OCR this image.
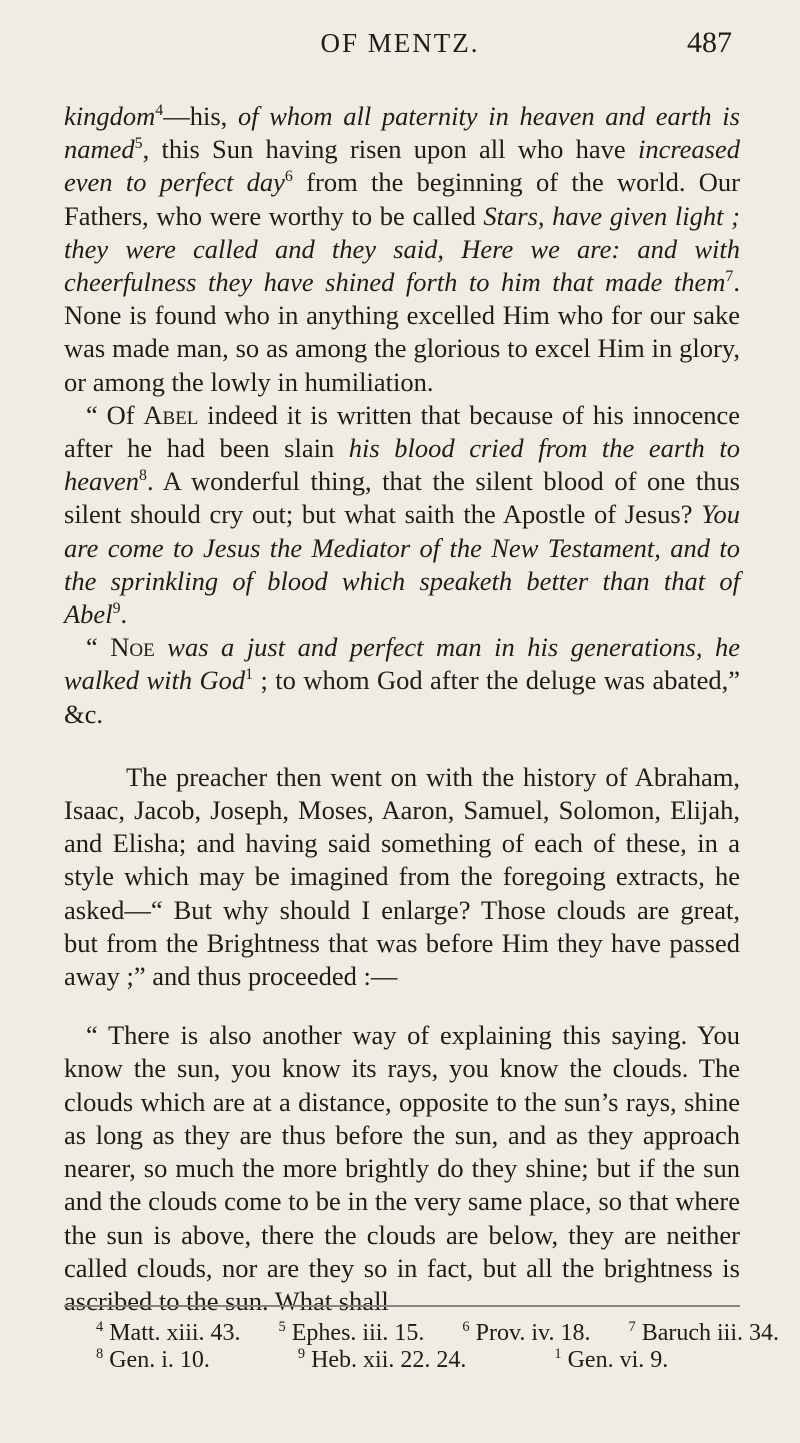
OF MENTZ.	487

kingdom$^4$—his, of whom all paternity in heaven and earth is named$^5$, this Sun having risen upon all who have increased even to perfect day$^6$ from the beginning of the world. Our Fathers, who were worthy to be called Stars, have given light ; they were called and they said, Here we are: and with cheerfulness they have shined forth to him that made them$^7$. None is found who in anything excelled Him who for our sake was made man, so as among the glorious to excel Him in glory, or among the lowly in humiliation.

“ Of Abel indeed it is written that because of his innocence after he had been slain his blood cried from the earth to heaven$^8$. A wonderful thing, that the silent blood of one thus silent should cry out; but what saith the Apostle of Jesus? You are come to Jesus the Mediator of the New Testament, and to the sprinkling of blood which speaketh better than that of Abel$^9$.

“ Noe was a just and perfect man in his generations, he walked with God$^1$ ; to whom God after the deluge was abated,” &c.

The preacher then went on with the history of Abraham, Isaac, Jacob, Joseph, Moses, Aaron, Samuel, Solomon, Elijah, and Elisha; and having said something of each of these, in a style which may be imagined from the foregoing extracts, he asked—“ But why should I enlarge? Those clouds are great, but from the Brightness that was before Him they have passed away ;” and thus proceeded :—

“ There is also another way of explaining this saying. You know the sun, you know its rays, you know the clouds. The clouds which are at a distance, opposite to the sun’s rays, shine as long as they are thus before the sun, and as they approach nearer, so much the more brightly do they shine; but if the sun and the clouds come to be in the very same place, so that where the sun is above, there the clouds are below, they are neither called clouds, nor are they so in fact, but all the brightness is ascribed to the sun. What shall

$^4$ Matt. xiii. 43.	$^5$ Ephes. iii. 15.	$^6$ Prov. iv. 18.	$^7$ Baruch iii. 34.
$^8$ Gen. i. 10.	$^9$ Heb. xii. 22. 24.	$^1$ Gen. vi. 9.
